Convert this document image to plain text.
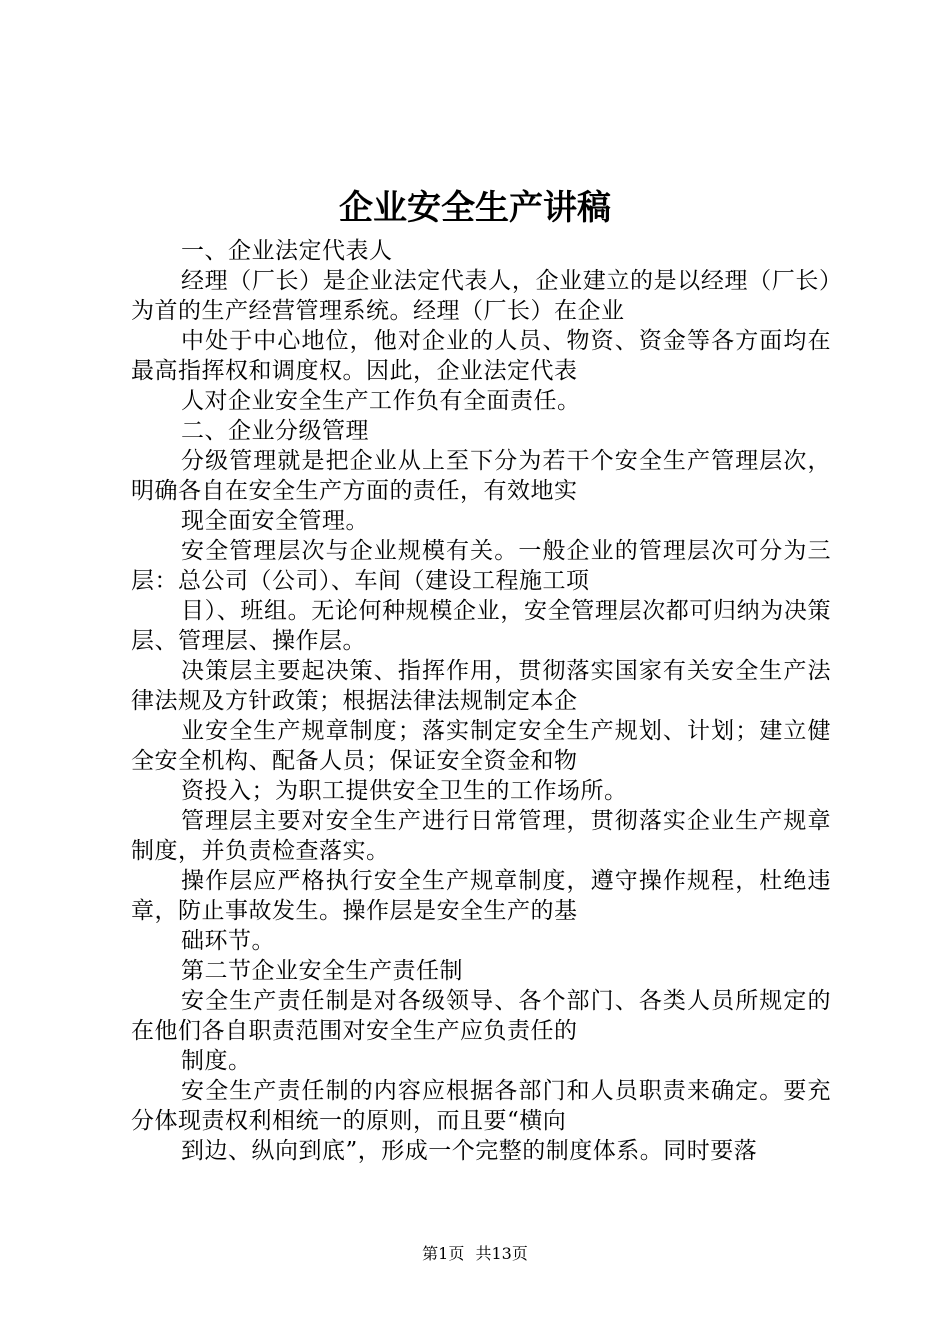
企业安全生产讲稿

一、企业法定代表人

经理（厂长）是企业法定代表人，企业建立的是以经理（厂长）为首的生产经营管理系统。经理（厂长）在企业

中处于中心地位，他对企业的人员、物资、资金等各方面均在最高指挥权和调度权。因此，企业法定代表

人对企业安全生产工作负有全面责任。

二、企业分级管理

分级管理就是把企业从上至下分为若干个安全生产管理层次，明确各自在安全生产方面的责任，有效地实

现全面安全管理。

安全管理层次与企业规模有关。一般企业的管理层次可分为三层：总公司（公司）、车间（建设工程施工项

目）、班组。无论何种规模企业，安全管理层次都可归纳为决策层、管理层、操作层。

决策层主要起决策、指挥作用，贯彻落实国家有关安全生产法律法规及方针政策；根据法律法规制定本企

业安全生产规章制度；落实制定安全生产规划、计划；建立健全安全机构、配备人员；保证安全资金和物

资投入；为职工提供安全卫生的工作场所。

管理层主要对安全生产进行日常管理，贯彻落实企业生产规章制度，并负责检查落实。

操作层应严格执行安全生产规章制度，遵守操作规程，杜绝违章，防止事故发生。操作层是安全生产的基

础环节。

第二节企业安全生产责任制

安全生产责任制是对各级领导、各个部门、各类人员所规定的在他们各自职责范围对安全生产应负责任的

制度。

安全生产责任制的内容应根据各部门和人员职责来确定。要充分体现责权利相统一的原则，而且要“横向

到边、纵向到底”，形成一个完整的制度体系。同时要落

第1页 共13页
